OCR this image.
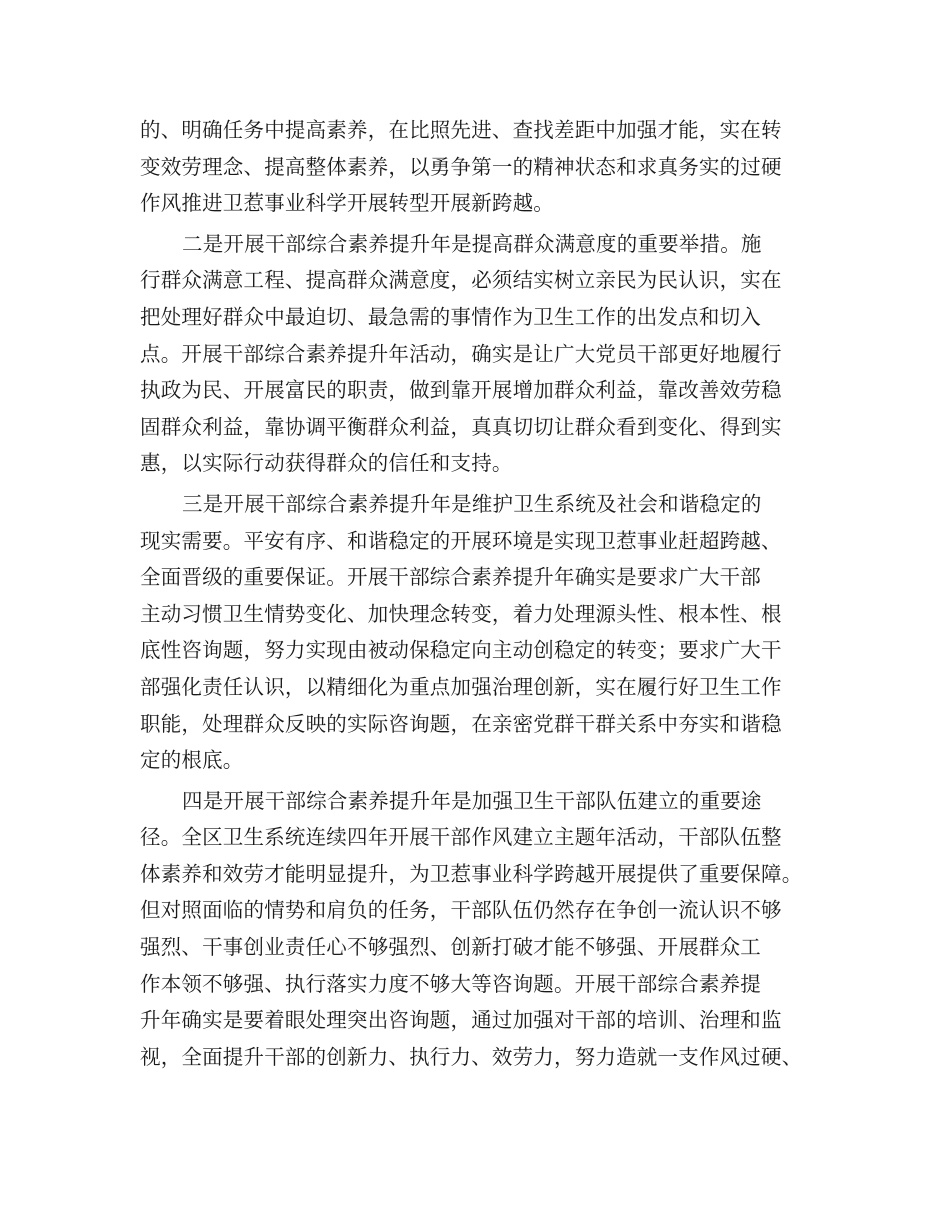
的、明确任务中提高素养，在比照先进、查找差距中加强才能，实在转
变效劳理念、提高整体素养，以勇争第一的精神状态和求真务实的过硬
作风推进卫惹事业科学开展转型开展新跨越。
二是开展干部综合素养提升年是提高群众满意度的重要举措。施
行群众满意工程、提高群众满意度，必须结实树立亲民为民认识，实在
把处理好群众中最迫切、最急需的事情作为卫生工作的出发点和切入
点。开展干部综合素养提升年活动，确实是让广大党员干部更好地履行
执政为民、开展富民的职责，做到靠开展增加群众利益，靠改善效劳稳
固群众利益，靠协调平衡群众利益，真真切切让群众看到变化、得到实
惠，以实际行动获得群众的信任和支持。
三是开展干部综合素养提升年是维护卫生系统及社会和谐稳定的
现实需要。平安有序、和谐稳定的开展环境是实现卫惹事业赶超跨越、
全面晋级的重要保证。开展干部综合素养提升年确实是要求广大干部
主动习惯卫生情势变化、加快理念转变，着力处理源头性、根本性、根
底性咨询题，努力实现由被动保稳定向主动创稳定的转变；要求广大干
部强化责任认识，以精细化为重点加强治理创新，实在履行好卫生工作
职能，处理群众反映的实际咨询题，在亲密党群干群关系中夯实和谐稳
定的根底。
四是开展干部综合素养提升年是加强卫生干部队伍建立的重要途
径。全区卫生系统连续四年开展干部作风建立主题年活动，干部队伍整
体素养和效劳才能明显提升，为卫惹事业科学跨越开展提供了重要保障。
但对照面临的情势和肩负的任务，干部队伍仍然存在争创一流认识不够
强烈、干事创业责任心不够强烈、创新打破才能不够强、开展群众工
作本领不够强、执行落实力度不够大等咨询题。开展干部综合素养提
升年确实是要着眼处理突出咨询题，通过加强对干部的培训、治理和监
视，全面提升干部的创新力、执行力、效劳力，努力造就一支作风过硬、
